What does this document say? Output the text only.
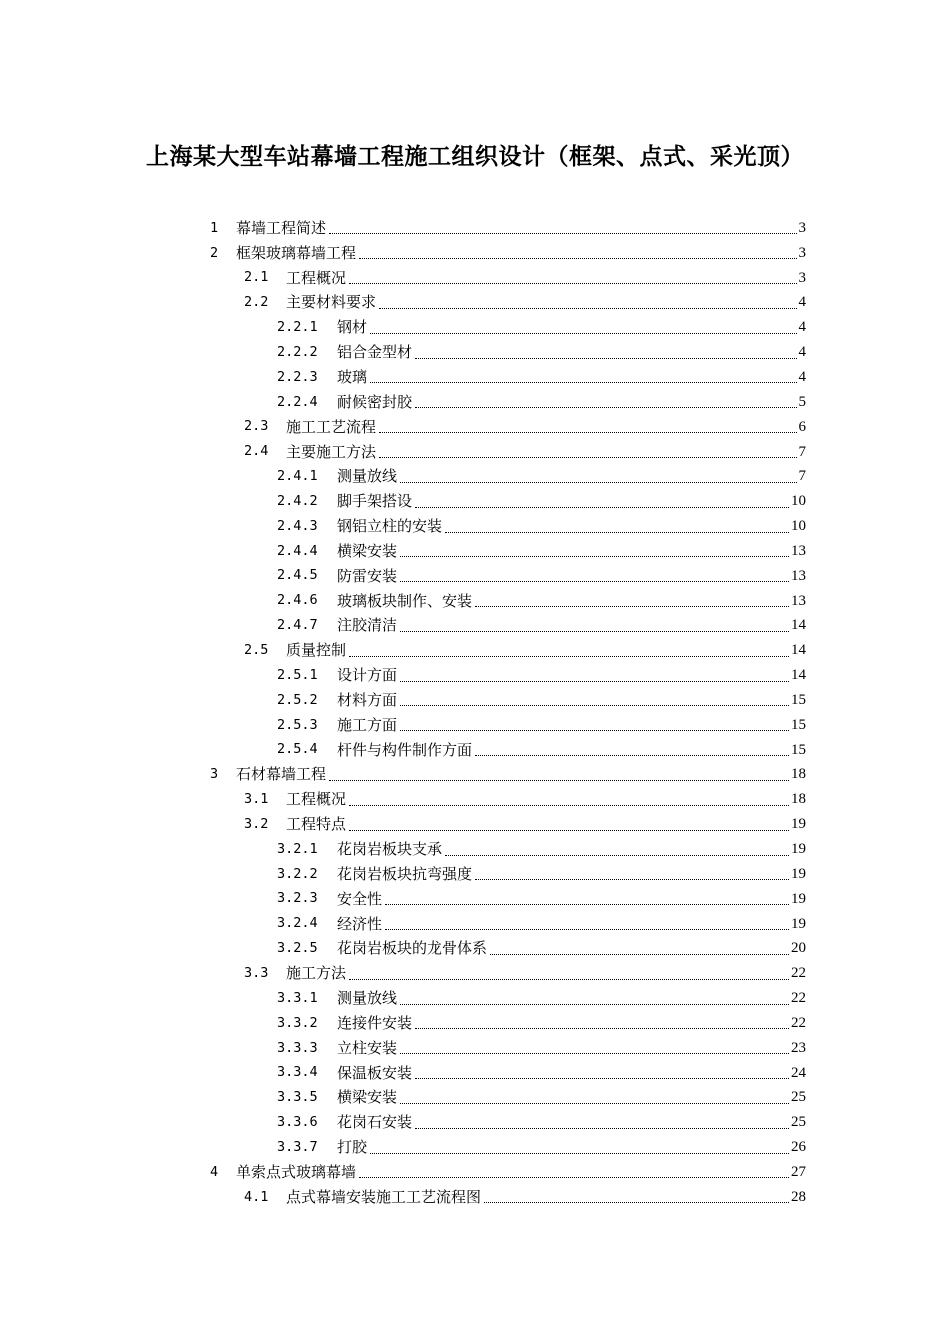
上海某大型车站幕墙工程施工组织设计（框架、点式、采光顶）
1	幕墙工程简述	3
2	框架玻璃幕墙工程	3
2.1	工程概况	3
2.2	主要材料要求	4
2.2.1	钢材	4
2.2.2	铝合金型材	4
2.2.3	玻璃	4
2.2.4	耐候密封胶	5
2.3	施工工艺流程	6
2.4	主要施工方法	7
2.4.1	测量放线	7
2.4.2	脚手架搭设	10
2.4.3	钢铝立柱的安装	10
2.4.4	横梁安装	13
2.4.5	防雷安装	13
2.4.6	玻璃板块制作、安装	13
2.4.7	注胶清洁	14
2.5	质量控制	14
2.5.1	设计方面	14
2.5.2	材料方面	15
2.5.3	施工方面	15
2.5.4	杆件与构件制作方面	15
3	石材幕墙工程	18
3.1	工程概况	18
3.2	工程特点	19
3.2.1	花岗岩板块支承	19
3.2.2	花岗岩板块抗弯强度	19
3.2.3	安全性	19
3.2.4	经济性	19
3.2.5	花岗岩板块的龙骨体系	20
3.3	施工方法	22
3.3.1	测量放线	22
3.3.2	连接件安装	22
3.3.3	立柱安装	23
3.3.4	保温板安装	24
3.3.5	横梁安装	25
3.3.6	花岗石安装	25
3.3.7	打胶	26
4	单索点式玻璃幕墙	27
4.1	点式幕墙安装施工工艺流程图	28
